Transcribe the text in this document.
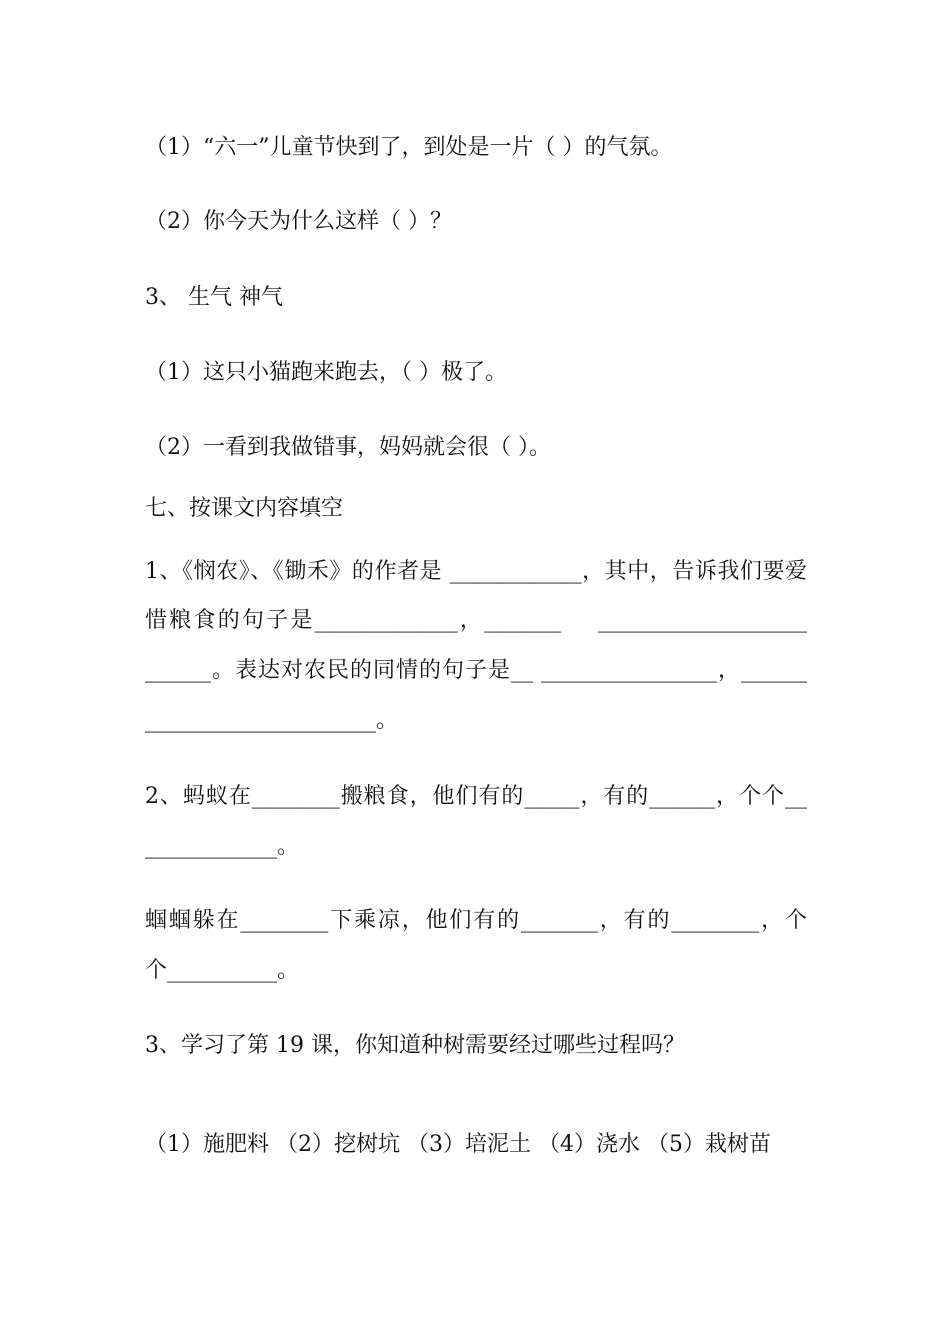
（1）“六一”儿童节快到了，到处是一片（ ）的气氛。
（2）你今天为什么这样（ ）？
3、 生气 神气
（1）这只小猫跑来跑去，（ ）极了。
（2）一看到我做错事，妈妈就会很（ ）。
七、按课文内容填空
1、《悯农》、《锄禾》的作者是 ____________，其中，告诉我们要爱
惜粮食的句子是_____________，_______    ___________________
______。表达对农民的同情的句子是__ ________________，______
_____________________。
2、蚂蚁在________搬粮食，他们有的_____，有的______，个个__
____________。
蝈蝈躲在________下乘凉，他们有的_______，有的________，个
个__________。
3、学习了第 19 课，你知道种树需要经过哪些过程吗？
（1）施肥料 （2）挖树坑 （3）培泥土 （4）浇水 （5）栽树苗
